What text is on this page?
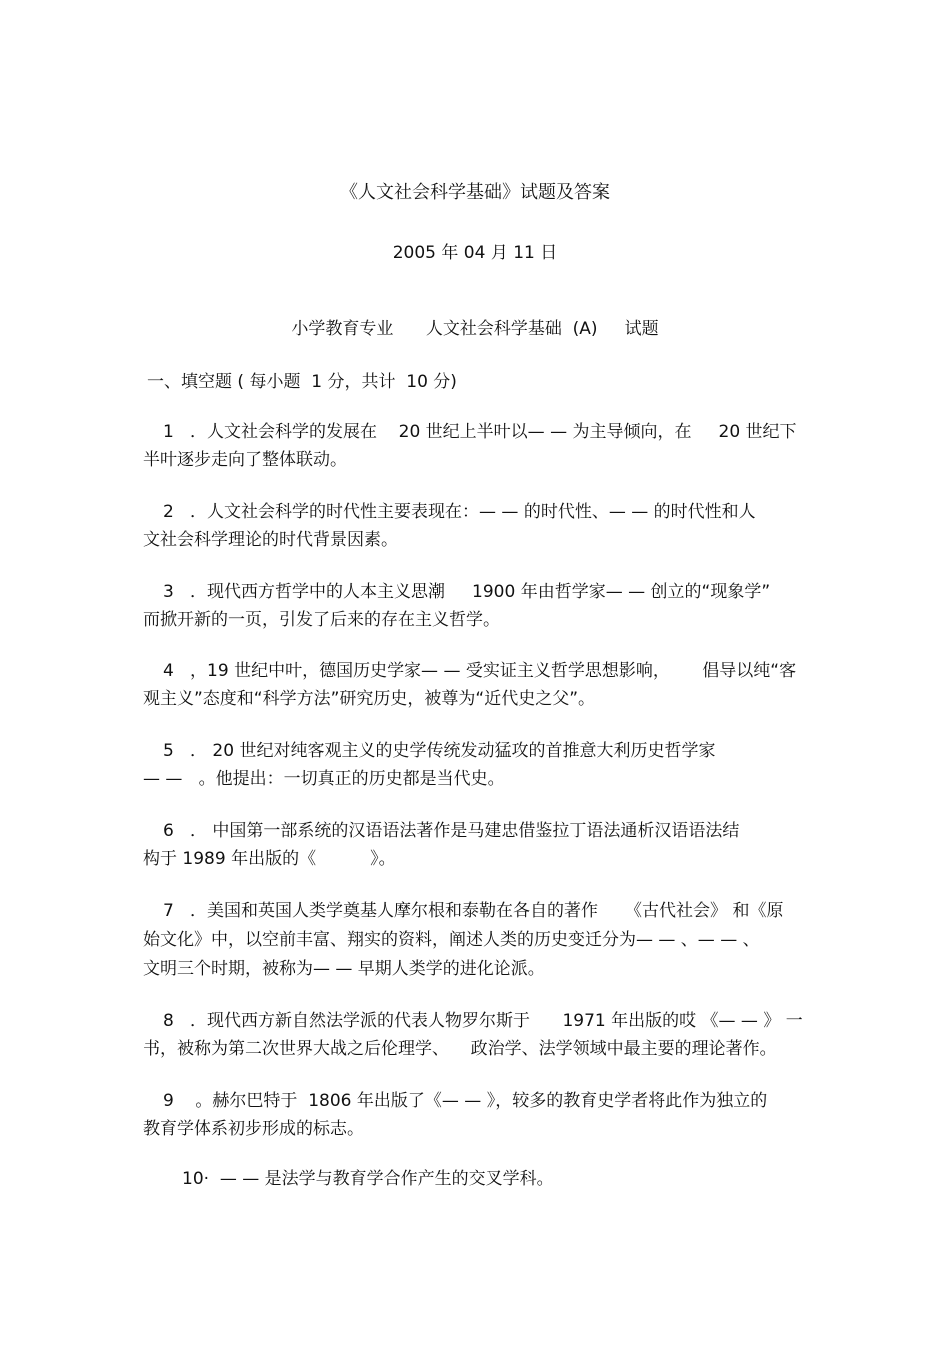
《人文社会科学基础》试题及答案
2005 年 04 月 11 日
小学教育专业      人文社会科学基础  (A)     试题
一、填空题 ( 每小题  1 分，共计  10 分)
1   ．人文社会科学的发展在    20 世纪上半叶以— — 为主导倾向，在     20 世纪下
半叶逐步走向了整体联动。
2   ．人文社会科学的时代性主要表现在：— — 的时代性、— — 的时代性和人
文社会科学理论的时代背景因素。
3   ．现代西方哲学中的人本主义思潮     1900 年由哲学家— — 创立的“现象学”
而掀开新的一页，引发了后来的存在主义哲学。
4   ，19 世纪中叶，德国历史学家— — 受实证主义哲学思想影响，      倡导以纯“客
观主义”态度和“科学方法”研究历史，被尊为“近代史之父”。
5   ． 20 世纪对纯客观主义的史学传统发动猛攻的首推意大利历史哲学家
— —   。他提出：一切真正的历史都是当代史。
6   ． 中国第一部系统的汉语语法著作是马建忠借鉴拉丁语法通析汉语语法结
构于 1989 年出版的《          》。
7   ．美国和英国人类学奠基人摩尔根和泰勒在各自的著作     《古代社会》 和《原
始文化》中，以空前丰富、翔实的资料，阐述人类的历史变迁分为— — 、— — 、
文明三个时期，被称为— — 早期人类学的进化论派。
8   ．现代西方新自然法学派的代表人物罗尔斯于      1971 年出版的哎 《— — 》 一
书，被称为第二次世界大战之后伦理学、    政治学、法学领域中最主要的理论著作。
9    。赫尔巴特于  1806 年出版了《— — 》，较多的教育史学者将此作为独立的
教育学体系初步形成的标志。
10·  — — 是法学与教育学合作产生的交叉学科。
